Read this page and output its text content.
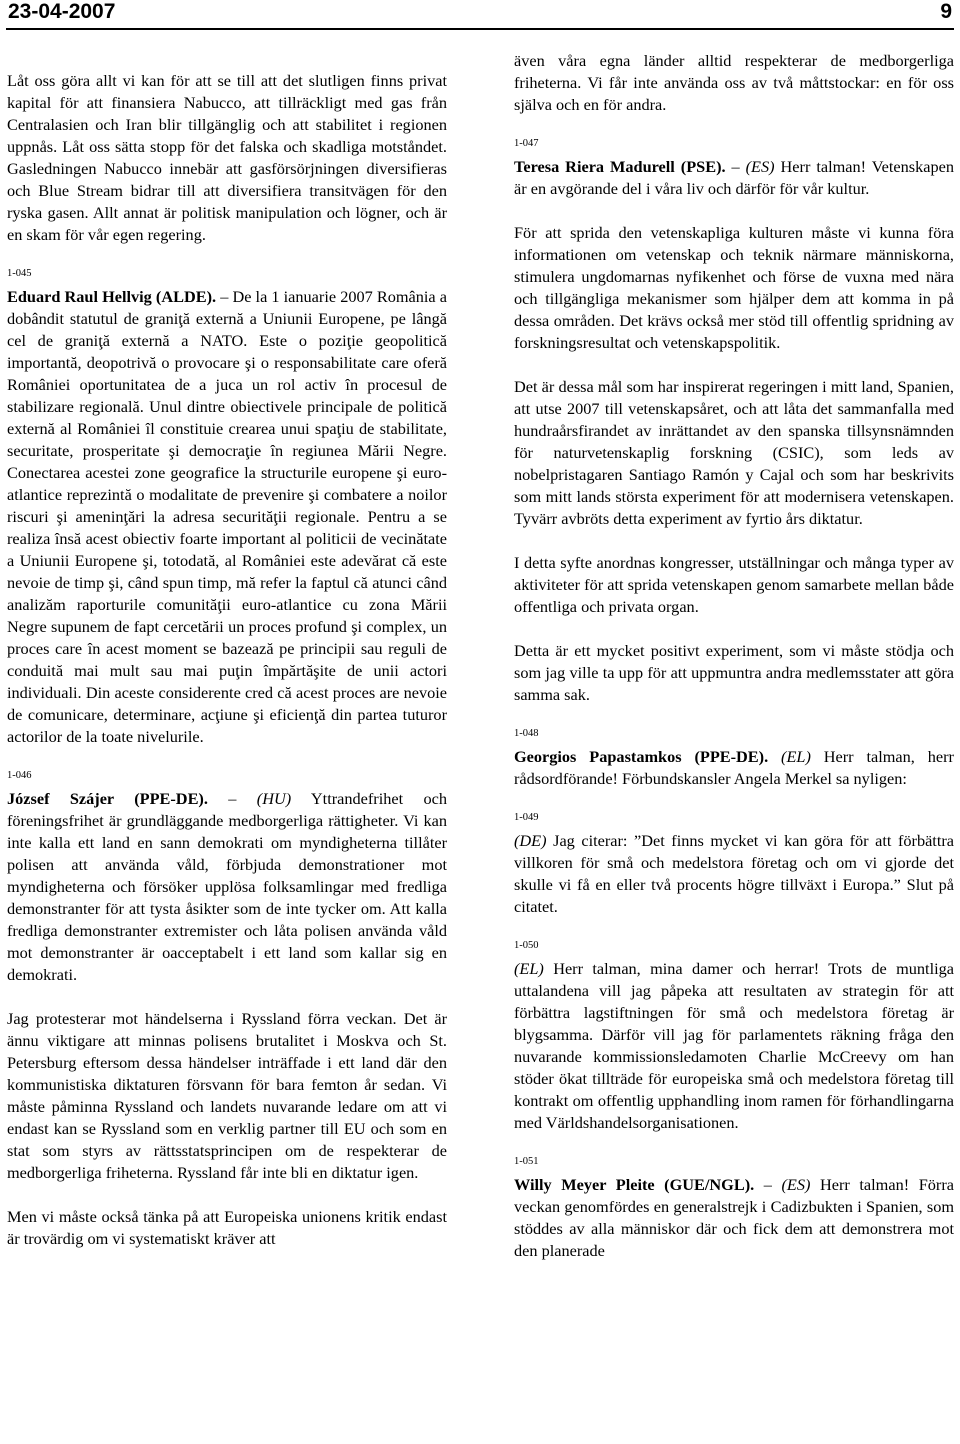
23-04-2007	9

Låt oss göra allt vi kan för att se till att det slutligen finns privat kapital för att finansiera Nabucco, att tillräckligt med gas från Centralasien och Iran blir tillgänglig och att stabilitet i regionen uppnås. Låt oss sätta stopp för det falska och skadliga motståndet. Gasledningen Nabucco innebär att gasförsörjningen diversifieras och Blue Stream bidrar till att diversifiera transitvägen för den ryska gasen. Allt annat är politisk manipulation och lögner, och är en skam för vår egen regering.

1-045

Eduard Raul Hellvig (ALDE). – De la 1 ianuarie 2007 România a dobândit statutul de graniţă externă a Uniunii Europene, pe lângă cel de graniţă externă a NATO. Este o poziţie geopolitică importantă, deopotrivă o provocare şi o responsabilitate care oferă României oportunitatea de a juca un rol activ în procesul de stabilizare regională. Unul dintre obiectivele principale de politică externă al României îl constituie crearea unui spaţiu de stabilitate, securitate, prosperitate şi democraţie în regiunea Mării Negre. Conectarea acestei zone geografice la structurile europene şi euro-atlantice reprezintă o modalitate de prevenire şi combatere a noilor riscuri şi ameninţări la adresa securităţii regionale. Pentru a se realiza însă acest obiectiv foarte important al politicii de vecinătate a Uniunii Europene şi, totodată, al României este adevărat că este nevoie de timp şi, când spun timp, mă refer la faptul că atunci când analizăm raporturile comunităţii euro-atlantice cu zona Mării Negre supunem de fapt cercetării un proces profund şi complex, un proces care în acest moment se bazează pe principii sau reguli de conduită mai mult sau mai puţin împărtăşite de unii actori individuali. Din aceste considerente cred că acest proces are nevoie de comunicare, determinare, acţiune şi eficienţă din partea tuturor actorilor de la toate nivelurile.

1-046

József Szájer (PPE-DE). – (HU) Yttrandefrihet och föreningsfrihet är grundläggande medborgerliga rättigheter. Vi kan inte kalla ett land en sann demokrati om myndigheterna tillåter polisen att använda våld, förbjuda demonstrationer mot myndigheterna och försöker upplösa folksamlingar med fredliga demonstranter för att tysta åsikter som de inte tycker om. Att kalla fredliga demonstranter extremister och låta polisen använda våld mot demonstranter är oacceptabelt i ett land som kallar sig en demokrati.

Jag protesterar mot händelserna i Ryssland förra veckan. Det är ännu viktigare att minnas polisens brutalitet i Moskva och St. Petersburg eftersom dessa händelser inträffade i ett land där den kommunistiska diktaturen försvann för bara femton år sedan. Vi måste påminna Ryssland och landets nuvarande ledare om att vi endast kan se Ryssland som en verklig partner till EU och som en stat som styrs av rättsstatsprincipen om de respekterar de medborgerliga friheterna. Ryssland får inte bli en diktatur igen.

Men vi måste också tänka på att Europeiska unionens kritik endast är trovärdig om vi systematiskt kräver att

även våra egna länder alltid respekterar de medborgerliga friheterna. Vi får inte använda oss av två måttstockar: en för oss själva och en för andra.

1-047

Teresa Riera Madurell (PSE). – (ES) Herr talman! Vetenskapen är en avgörande del i våra liv och därför för vår kultur.

För att sprida den vetenskapliga kulturen måste vi kunna föra informationen om vetenskap och teknik närmare människorna, stimulera ungdomarnas nyfikenhet och förse de vuxna med nära och tillgängliga mekanismer som hjälper dem att komma in på dessa områden. Det krävs också mer stöd till offentlig spridning av forskningsresultat och vetenskapspolitik.

Det är dessa mål som har inspirerat regeringen i mitt land, Spanien, att utse 2007 till vetenskapsåret, och att låta det sammanfalla med hundraårsfirandet av inrättandet av den spanska tillsynsnämnden för naturvetenskaplig forskning (CSIC), som leds av nobelpristagaren Santiago Ramón y Cajal och som har beskrivits som mitt lands största experiment för att modernisera vetenskapen. Tyvärr avbröts detta experiment av fyrtio års diktatur.

I detta syfte anordnas kongresser, utställningar och många typer av aktiviteter för att sprida vetenskapen genom samarbete mellan både offentliga och privata organ.

Detta är ett mycket positivt experiment, som vi måste stödja och som jag ville ta upp för att uppmuntra andra medlemsstater att göra samma sak.

1-048

Georgios Papastamkos (PPE-DE). (EL) Herr talman, herr rådsordförande! Förbundskansler Angela Merkel sa nyligen:

1-049

(DE) Jag citerar: ”Det finns mycket vi kan göra för att förbättra villkoren för små och medelstora företag och om vi gjorde det skulle vi få en eller två procents högre tillväxt i Europa.” Slut på citatet.

1-050

(EL) Herr talman, mina damer och herrar! Trots de muntliga uttalandena vill jag påpeka att resultaten av strategin för att förbättra lagstiftningen för små och medelstora företag är blygsamma. Därför vill jag för parlamentets räkning fråga den nuvarande kommissionsledamoten Charlie McCreevy om han stöder ökat tillträde för europeiska små och medelstora företag till kontrakt om offentlig upphandling inom ramen för förhandlingarna med Världshandelsorganisationen.

1-051

Willy Meyer Pleite (GUE/NGL). – (ES) Herr talman! Förra veckan genomfördes en generalstrejk i Cadizbukten i Spanien, som stöddes av alla människor där och fick dem att demonstrera mot den planerade
